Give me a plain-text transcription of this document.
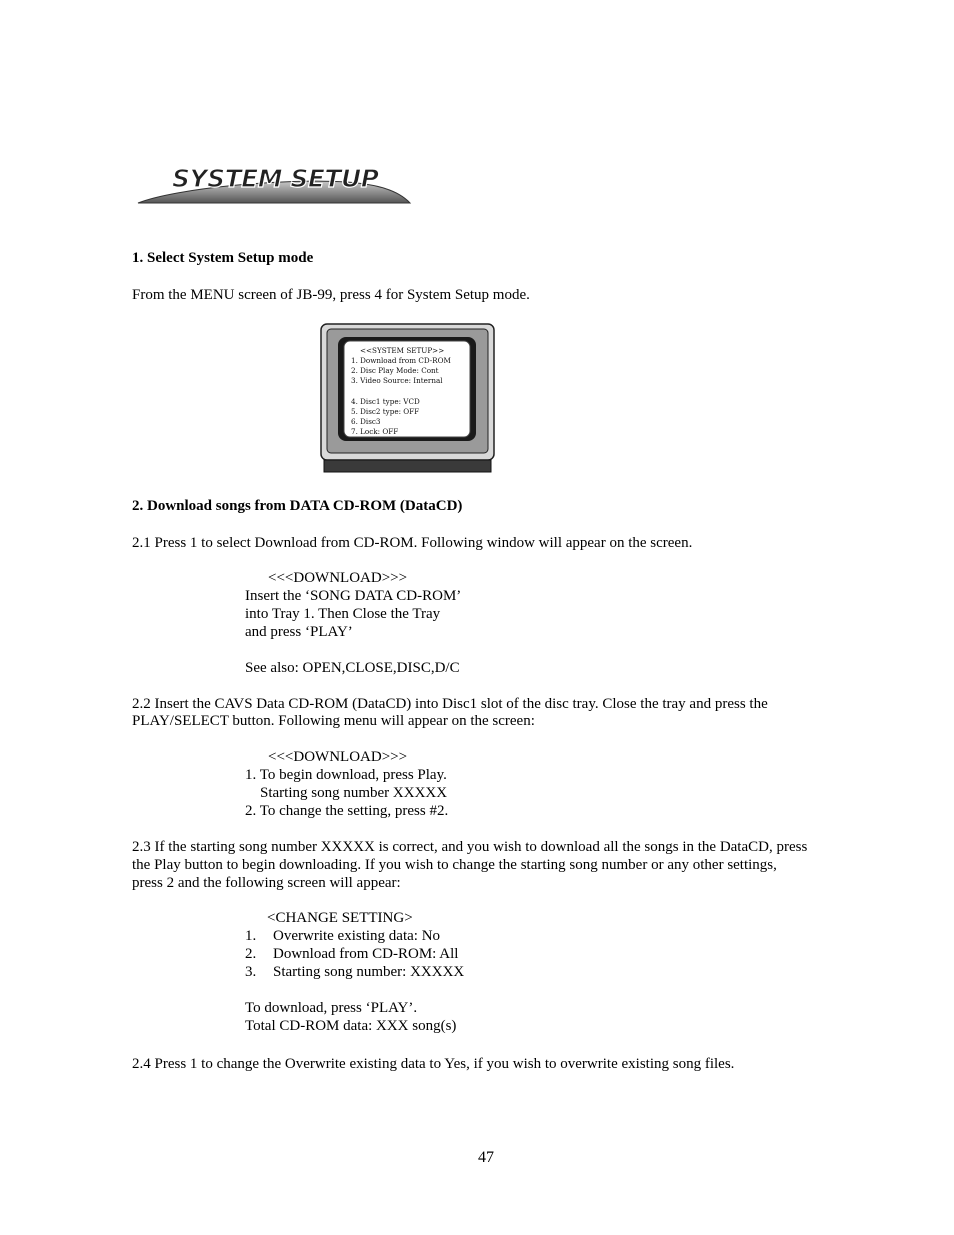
SYSTEM SETUP
1. Select System Setup mode
From the MENU screen of JB-99, press 4 for System Setup mode.
<<SYSTEM SETUP>>
1. Download from CD-ROM
2. Disc Play Mode: Cont
3. Video Source: Internal
4. Disc1 type: VCD
5. Disc2 type: OFF
6. Disc3
7. Lock: OFF
2. Download songs from DATA CD-ROM (DataCD)
2.1 Press 1 to select Download from CD-ROM. Following window will appear on the screen.
<<<DOWNLOAD>>>
Insert the ‘SONG DATA CD-ROM’
into Tray 1. Then Close the Tray
and press ‘PLAY’
See also: OPEN,CLOSE,DISC,D/C
2.2 Insert the CAVS Data CD-ROM (DataCD) into Disc1 slot of the disc tray. Close the tray and press the
PLAY/SELECT button. Following menu will appear on the screen:
<<<DOWNLOAD>>>
1. To begin download, press Play.
Starting song number XXXXX
2. To change the setting, press #2.
2.3 If the starting song number XXXXX is correct, and you wish to download all the songs in the DataCD, press
the Play button to begin downloading. If you wish to change the starting song number or any other settings,
press 2 and the following screen will appear:
<CHANGE SETTING>
1. Overwrite existing data: No
2. Download from CD-ROM: All
3. Starting song number: XXXXX
To download, press ‘PLAY’.
Total CD-ROM data: XXX song(s)
2.4 Press 1 to change the Overwrite existing data to Yes, if you wish to overwrite existing song files.
47
